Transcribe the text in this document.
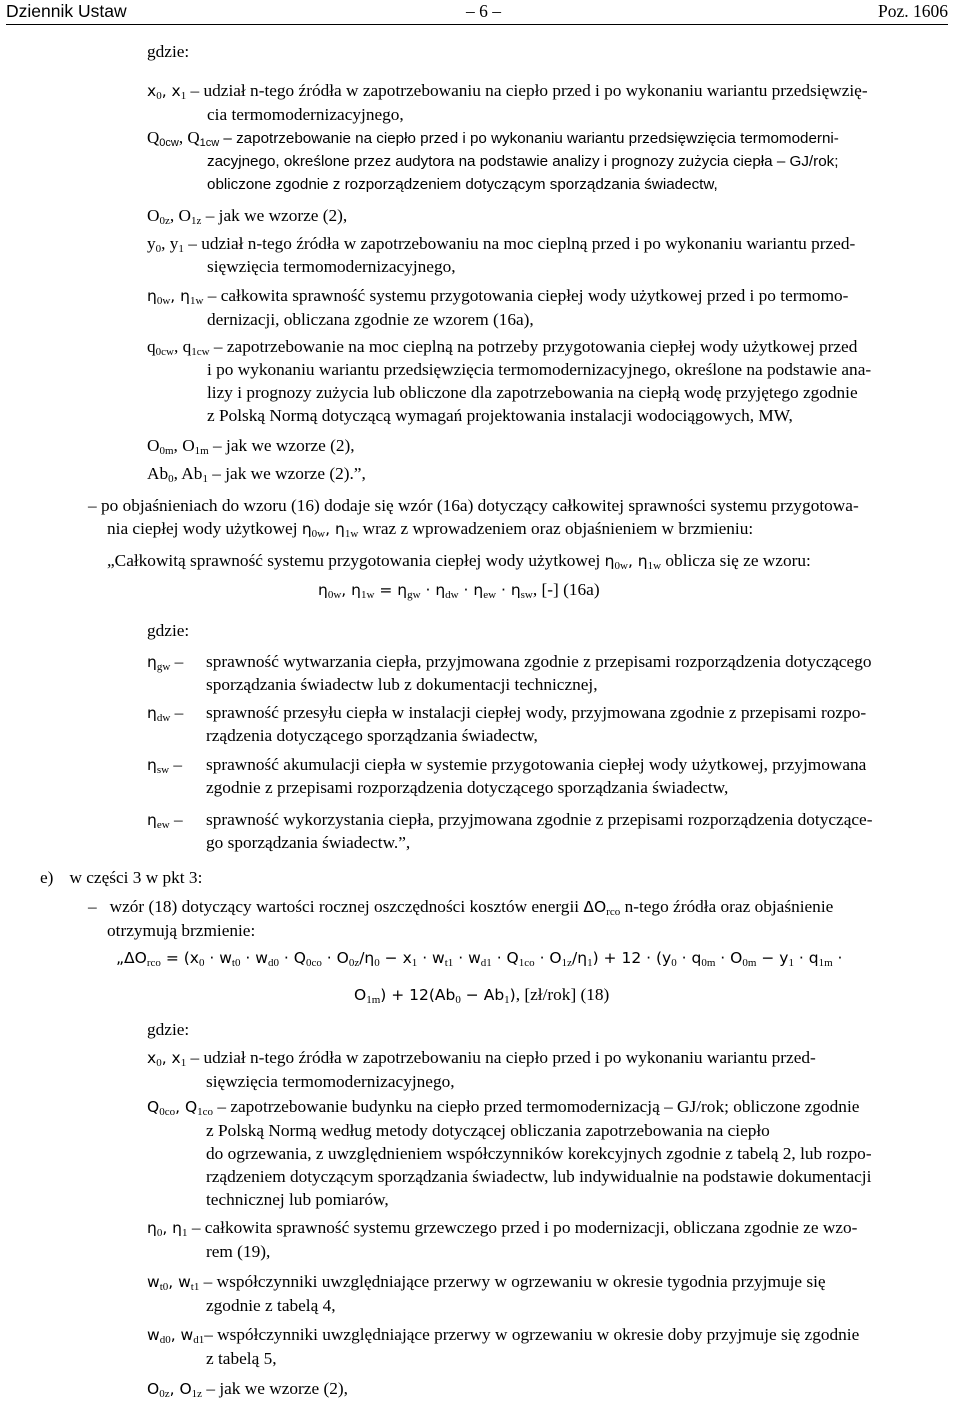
Dziennik Ustaw	– 6 –	Poz. 1606
gdzie:
$x_0$, $x_1$ – udział n-tego źródła w zapotrzebowaniu na ciepło przed i po wykonaniu wariantu przedsięwzię-
cia termomodernizacyjnego,
$Q_{0cw}$, $Q_{1cw}$ – zapotrzebowanie na ciepło przed i po wykonaniu wariantu przedsięwzięcia termomoderni-
zacyjnego, określone przez audytora na podstawie analizy i prognozy zużycia ciepła – GJ/rok;
obliczone zgodnie z rozporządzeniem dotyczącym sporządzania świadectw,
$O_{0z}$, $O_{1z}$ – jak we wzorze (2),
$y_0$, $y_1$ – udział n-tego źródła w zapotrzebowaniu na moc cieplną przed i po wykonaniu wariantu przed-
sięwzięcia termomodernizacyjnego,
$\eta_{0w}$, $\eta_{1w}$ – całkowita sprawność systemu przygotowania ciepłej wody użytkowej przed i po termomo-
dernizacji, obliczana zgodnie ze wzorem (16a),
$q_{0cw}$, $q_{1cw}$ – zapotrzebowanie na moc cieplną na potrzeby przygotowania ciepłej wody użytkowej przed
i po wykonaniu wariantu przedsięwzięcia termomodernizacyjnego, określone na podstawie ana-
lizy i prognozy zużycia lub obliczone dla zapotrzebowania na ciepłą wodę przyjętego zgodnie
z Polską Normą dotyczącą wymagań projektowania instalacji wodociągowych, MW,
$O_{0m}$, $O_{1m}$ – jak we wzorze (2),
$Ab_0$, $Ab_1$ – jak we wzorze (2).”,
– po objaśnieniach do wzoru (16) dodaje się wzór (16a) dotyczący całkowitej sprawności systemu przygotowa-
nia ciepłej wody użytkowej $\eta_{0w}$, $\eta_{1w}$ wraz z wprowadzeniem oraz objaśnieniem w brzmieniu:
„Całkowitą sprawność systemu przygotowania ciepłej wody użytkowej $\eta_{0w}$, $\eta_{1w}$ oblicza się ze wzoru:
$\eta_{0w}$, $\eta_{1w} = \eta_{gw} \cdot \eta_{dw} \cdot \eta_{ew} \cdot \eta_{sw}$, [-] (16a)
gdzie:
$\eta_{gw}$ –	sprawność wytwarzania ciepła, przyjmowana zgodnie z przepisami rozporządzenia dotyczącego
sporządzania świadectw lub z dokumentacji technicznej,
$\eta_{dw}$ –	sprawność przesyłu ciepła w instalacji ciepłej wody, przyjmowana zgodnie z przepisami rozpo-
rządzenia dotyczącego sporządzania świadectw,
$\eta_{sw}$ –	sprawność akumulacji ciepła w systemie przygotowania ciepłej wody użytkowej, przyjmowana
zgodnie z przepisami rozporządzenia dotyczącego sporządzania świadectw,
$\eta_{ew}$ –	sprawność wykorzystania ciepła, przyjmowana zgodnie z przepisami rozporządzenia dotyczące-
go sporządzania świadectw.”,
e) w części 3 w pkt 3:
– wzór (18) dotyczący wartości rocznej oszczędności kosztów energii $\Delta O_{rco}$ n-tego źródła oraz objaśnienie
otrzymują brzmienie:
$„\Delta O_{rco} = (x_0 \cdot w_{t0} \cdot w_{d0} \cdot Q_{0co} \cdot O_{0z}/\eta_0 - x_1 \cdot w_{t1} \cdot w_{d1} \cdot Q_{1co} \cdot O_{1z}/\eta_1) + 12 \cdot (y_0 \cdot q_{0m} \cdot O_{0m} - y_1 \cdot q_{1m}$ ·
$O_{1m}) + 12(Ab_0 - Ab_1)$, [zł/rok] (18)
gdzie:
$x_0$, $x_1$ – udział n-tego źródła w zapotrzebowaniu na ciepło przed i po wykonaniu wariantu przed-
sięwzięcia termomodernizacyjnego,
$Q_{0co}$, $Q_{1co}$ – zapotrzebowanie budynku na ciepło przed termomodernizacją – GJ/rok; obliczone zgodnie
z Polską Normą według metody dotyczącej obliczania zapotrzebowania na ciepło
do ogrzewania, z uwzględnieniem współczynników korekcyjnych zgodnie z tabelą 2, lub rozpo-
rządzeniem dotyczącym sporządzania świadectw, lub indywidualnie na podstawie dokumentacji
technicznej lub pomiarów,
$\eta_0$, $\eta_1$ – całkowita sprawność systemu grzewczego przed i po modernizacji, obliczana zgodnie ze wzo-
rem (19),
$w_{t0}$, $w_{t1}$ – współczynniki uwzględniające przerwy w ogrzewaniu w okresie tygodnia przyjmuje się
zgodnie z tabelą 4,
$w_{d0}$, $w_{d1}-$ współczynniki uwzględniające przerwy w ogrzewaniu w okresie doby przyjmuje się zgodnie
z tabelą 5,
$O_{0z}$, $O_{1z}$ – jak we wzorze (2),
